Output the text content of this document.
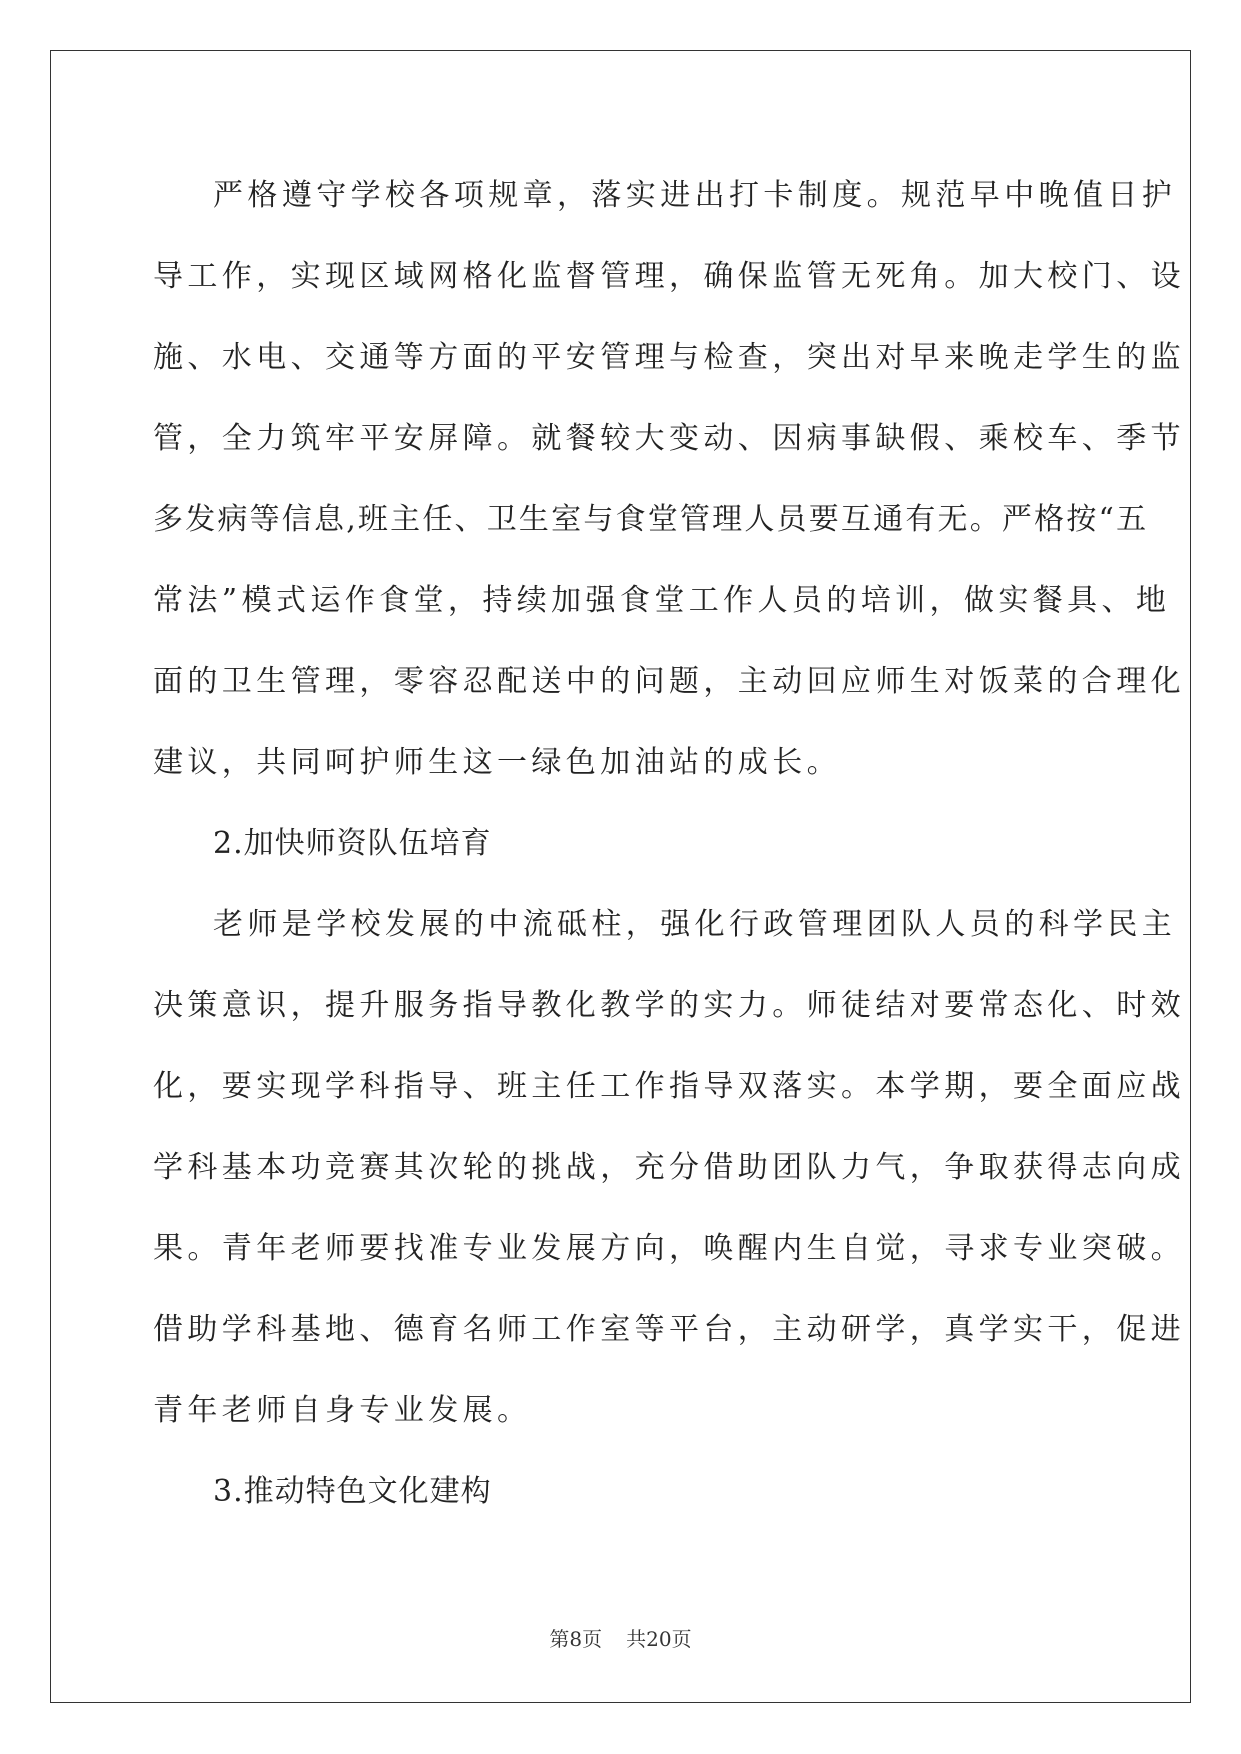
严格遵守学校各项规章，落实进出打卡制度。规范早中晚值日护
导工作，实现区域网格化监督管理，确保监管无死角。加大校门、设
施、水电、交通等方面的平安管理与检查，突出对早来晚走学生的监
管，全力筑牢平安屏障。就餐较大变动、因病事缺假、乘校车、季节
多发病等信息,班主任、卫生室与食堂管理人员要互通有无。严格按“五
常法”模式运作食堂，持续加强食堂工作人员的培训，做实餐具、地
面的卫生管理，零容忍配送中的问题，主动回应师生对饭菜的合理化
建议，共同呵护师生这一绿色加油站的成长。
2.加快师资队伍培育
老师是学校发展的中流砥柱，强化行政管理团队人员的科学民主
决策意识，提升服务指导教化教学的实力。师徒结对要常态化、时效
化，要实现学科指导、班主任工作指导双落实。本学期，要全面应战
学科基本功竞赛其次轮的挑战，充分借助团队力气，争取获得志向成
果。青年老师要找准专业发展方向，唤醒内生自觉，寻求专业突破。
借助学科基地、德育名师工作室等平台，主动研学，真学实干，促进
青年老师自身专业发展。
3.推动特色文化建构
第8页 共20页
